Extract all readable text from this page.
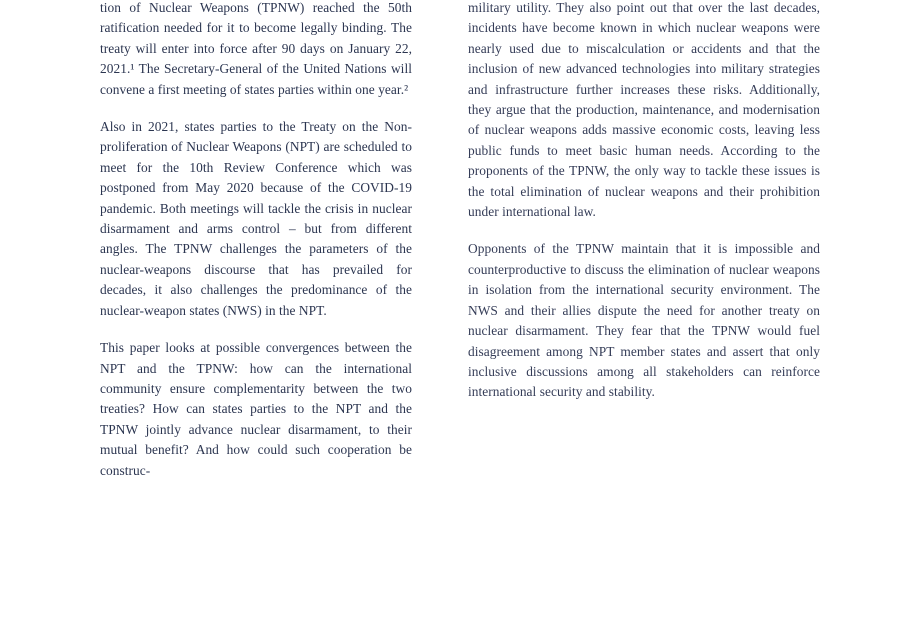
tion of Nuclear Weapons (TPNW) reached the 50th ratification needed for it to become legally binding. The treaty will enter into force after 90 days on January 22, 2021.¹ The Secretary-General of the United Nations will convene a first meeting of states parties within one year.²

Also in 2021, states parties to the Treaty on the Non-proliferation of Nuclear Weapons (NPT) are scheduled to meet for the 10th Review Conference which was postponed from May 2020 because of the COVID-19 pandemic. Both meetings will tackle the crisis in nuclear disarmament and arms control – but from different angles. The TPNW challenges the parameters of the nuclear-weapons discourse that has prevailed for decades, it also challenges the predominance of the nuclear-weapon states (NWS) in the NPT.

This paper looks at possible convergences between the NPT and the TPNW: how can the international community ensure complementarity between the two treaties? How can states parties to the NPT and the TPNW jointly advance nuclear disarmament, to their mutual benefit? And how could such cooperation be construc-

military utility. They also point out that over the last decades, incidents have become known in which nuclear weapons were nearly used due to miscalculation or accidents and that the inclusion of new advanced technologies into military strategies and infrastructure further increases these risks. Additionally, they argue that the production, maintenance, and modernisation of nuclear weapons adds massive economic costs, leaving less public funds to meet basic human needs. According to the proponents of the TPNW, the only way to tackle these issues is the total elimination of nuclear weapons and their prohibition under international law.

Opponents of the TPNW maintain that it is impossible and counterproductive to discuss the elimination of nuclear weapons in isolation from the international security environment. The NWS and their allies dispute the need for another treaty on nuclear disarmament. They fear that the TPNW would fuel disagreement among NPT member states and assert that only inclusive discussions among all stakeholders can reinforce international security and stability.
